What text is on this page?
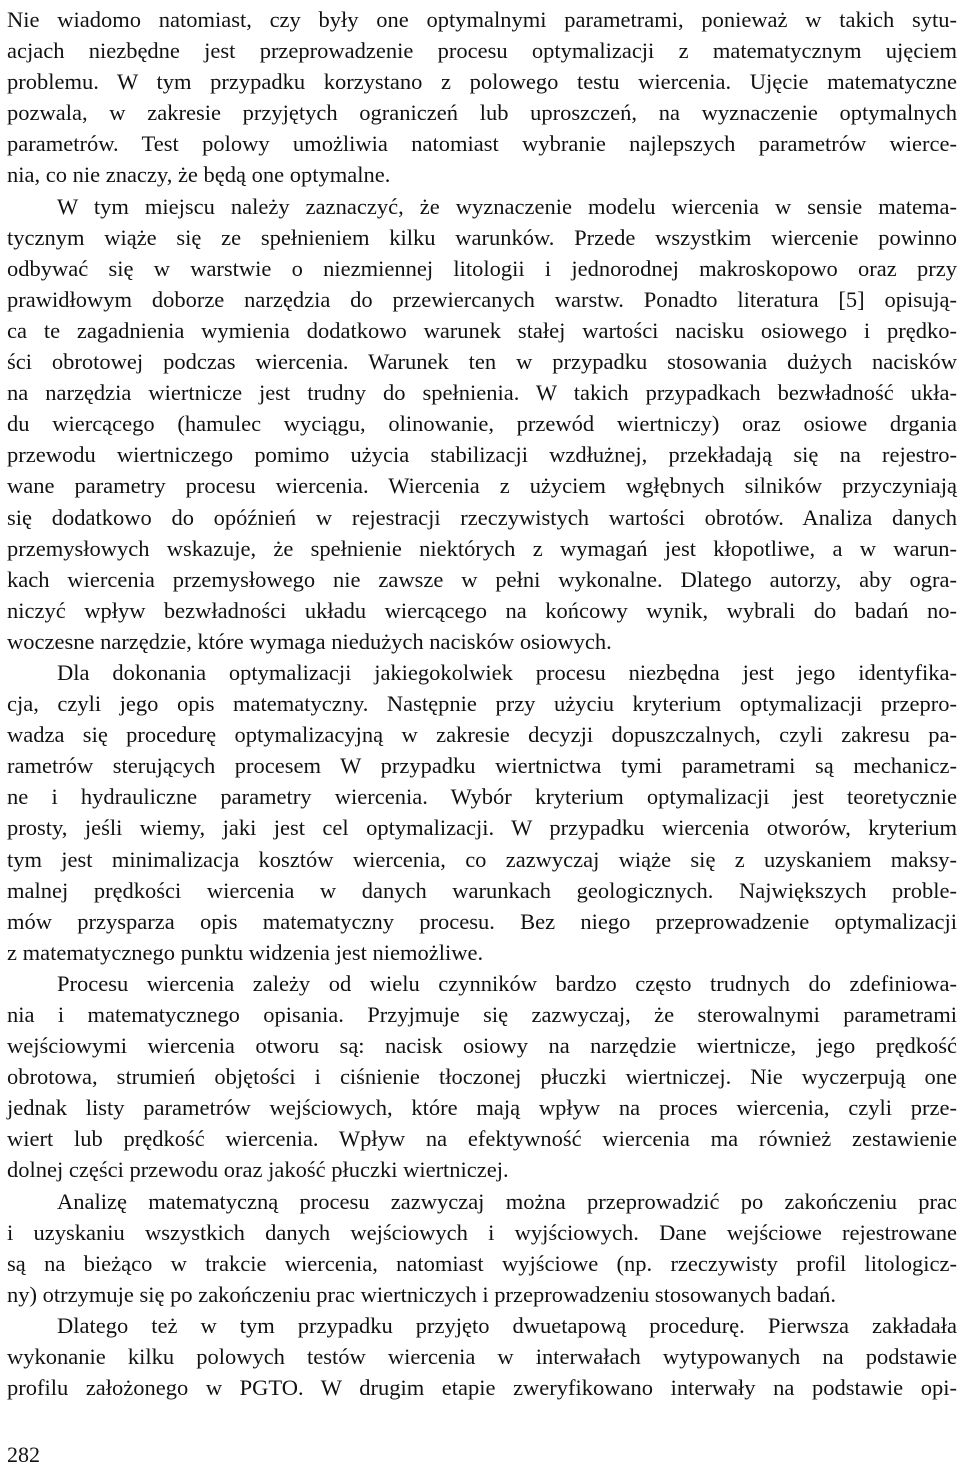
Nie wiadomo natomiast, czy były one optymalnymi parametrami, ponieważ w takich sytu-
acjach niezbędne jest przeprowadzenie procesu optymalizacji z matematycznym ujęciem
problemu. W tym przypadku korzystano z polowego testu wiercenia. Ujęcie matematyczne
pozwala, w zakresie przyjętych ograniczeń lub uproszczeń, na wyznaczenie optymalnych
parametrów. Test polowy umożliwia natomiast wybranie najlepszych parametrów wierce-
nia, co nie znaczy, że będą one optymalne.
W tym miejscu należy zaznaczyć, że wyznaczenie modelu wiercenia w sensie matema-
tycznym wiąże się ze spełnieniem kilku warunków. Przede wszystkim wiercenie powinno
odbywać się w warstwie o niezmiennej litologii i jednorodnej makroskopowo oraz przy
prawidłowym doborze narzędzia do przewiercanych warstw. Ponadto literatura [5] opisują-
ca te zagadnienia wymienia dodatkowo warunek stałej wartości nacisku osiowego i prędko-
ści obrotowej podczas wiercenia. Warunek ten w przypadku stosowania dużych nacisków
na narzędzia wiertnicze jest trudny do spełnienia. W takich przypadkach bezwładność ukła-
du wiercącego (hamulec wyciągu, olinowanie, przewód wiertniczy) oraz osiowe drgania
przewodu wiertniczego pomimo użycia stabilizacji wzdłużnej, przekładają się na rejestro-
wane parametry procesu wiercenia. Wiercenia z użyciem wgłębnych silników przyczyniają
się dodatkowo do opóźnień w rejestracji rzeczywistych wartości obrotów. Analiza danych
przemysłowych wskazuje, że spełnienie niektórych z wymagań jest kłopotliwe, a w warun-
kach wiercenia przemysłowego nie zawsze w pełni wykonalne. Dlatego autorzy, aby ogra-
niczyć wpływ bezwładności układu wiercącego na końcowy wynik, wybrali do badań no-
woczesne narzędzie, które wymaga niedużych nacisków osiowych.
Dla dokonania optymalizacji jakiegokolwiek procesu niezbędna jest jego identyfika-
cja, czyli jego opis matematyczny. Następnie przy użyciu kryterium optymalizacji przepro-
wadza się procedurę optymalizacyjną w zakresie decyzji dopuszczalnych, czyli zakresu pa-
rametrów sterujących procesem W przypadku wiertnictwa tymi parametrami są mechanicz-
ne i hydrauliczne parametry wiercenia. Wybór kryterium optymalizacji jest teoretycznie
prosty, jeśli wiemy, jaki jest cel optymalizacji. W przypadku wiercenia otworów, kryterium
tym jest minimalizacja kosztów wiercenia, co zazwyczaj wiąże się z uzyskaniem maksy-
malnej prędkości wiercenia w danych warunkach geologicznych. Największych proble-
mów przysparza opis matematyczny procesu. Bez niego przeprowadzenie optymalizacji
z matematycznego punktu widzenia jest niemożliwe.
Procesu wiercenia zależy od wielu czynników bardzo często trudnych do zdefiniowa-
nia i matematycznego opisania. Przyjmuje się zazwyczaj, że sterowalnymi parametrami
wejściowymi wiercenia otworu są: nacisk osiowy na narzędzie wiertnicze, jego prędkość
obrotowa, strumień objętości i ciśnienie tłoczonej płuczki wiertniczej. Nie wyczerpują one
jednak listy parametrów wejściowych, które mają wpływ na proces wiercenia, czyli prze-
wiert lub prędkość wiercenia. Wpływ na efektywność wiercenia ma również zestawienie
dolnej części przewodu oraz jakość płuczki wiertniczej.
Analizę matematyczną procesu zazwyczaj można przeprowadzić po zakończeniu prac
i uzyskaniu wszystkich danych wejściowych i wyjściowych. Dane wejściowe rejestrowane
są na bieżąco w trakcie wiercenia, natomiast wyjściowe (np. rzeczywisty profil litologicz-
ny) otrzymuje się po zakończeniu prac wiertniczych i przeprowadzeniu stosowanych badań.
Dlatego też w tym przypadku przyjęto dwuetapową procedurę. Pierwsza zakładała
wykonanie kilku polowych testów wiercenia w interwałach wytypowanych na podstawie
profilu założonego w PGTO. W drugim etapie zweryfikowano interwały na podstawie opi-
282
